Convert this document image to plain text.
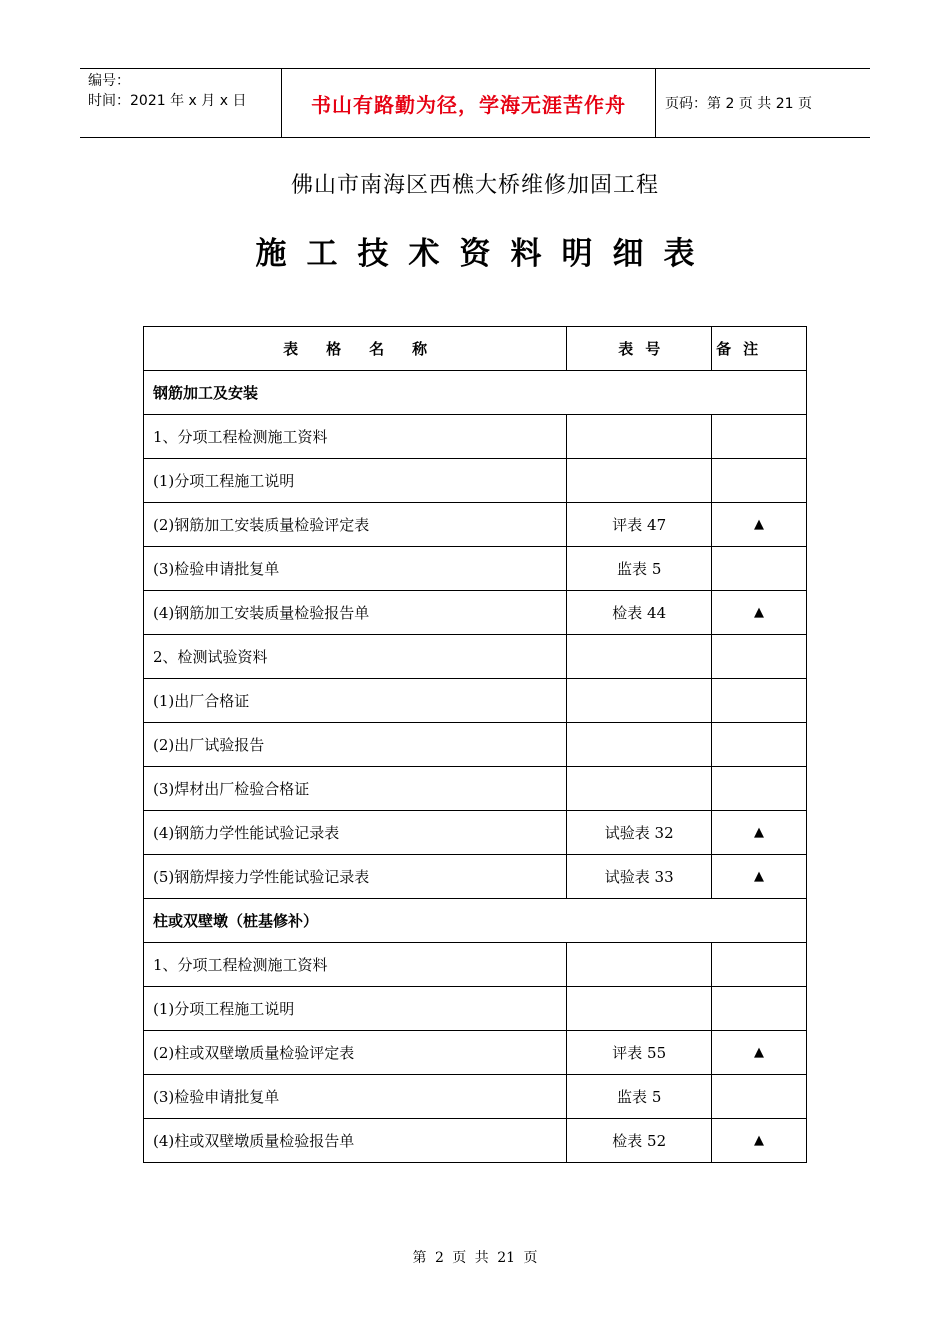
编号：
时间：2021 年 x 月 x 日	书山有路勤为径，学海无涯苦作舟	页码：第 2 页 共 21 页
佛山市南海区西樵大桥维修加固工程
施工技术资料明细表
表格名称	表号	备注
钢筋加工及安装		
1、分项工程检测施工资料		
(1)分项工程施工说明		
(2)钢筋加工安装质量检验评定表	评表 47	▲
(3)检验申请批复单	监表 5	
(4)钢筋加工安装质量检验报告单	检表 44	▲
2、检测试验资料		
(1)出厂合格证		
(2)出厂试验报告		
(3)焊材出厂检验合格证		
(4)钢筋力学性能试验记录表	试验表 32	▲
(5)钢筋焊接力学性能试验记录表	试验表 33	▲
柱或双壁墩（桩基修补）		
1、分项工程检测施工资料		
(1)分项工程施工说明		
(2)柱或双壁墩质量检验评定表	评表 55	▲
(3)检验申请批复单	监表 5	
(4)柱或双壁墩质量检验报告单	检表 52	▲
第 2 页 共 21 页
